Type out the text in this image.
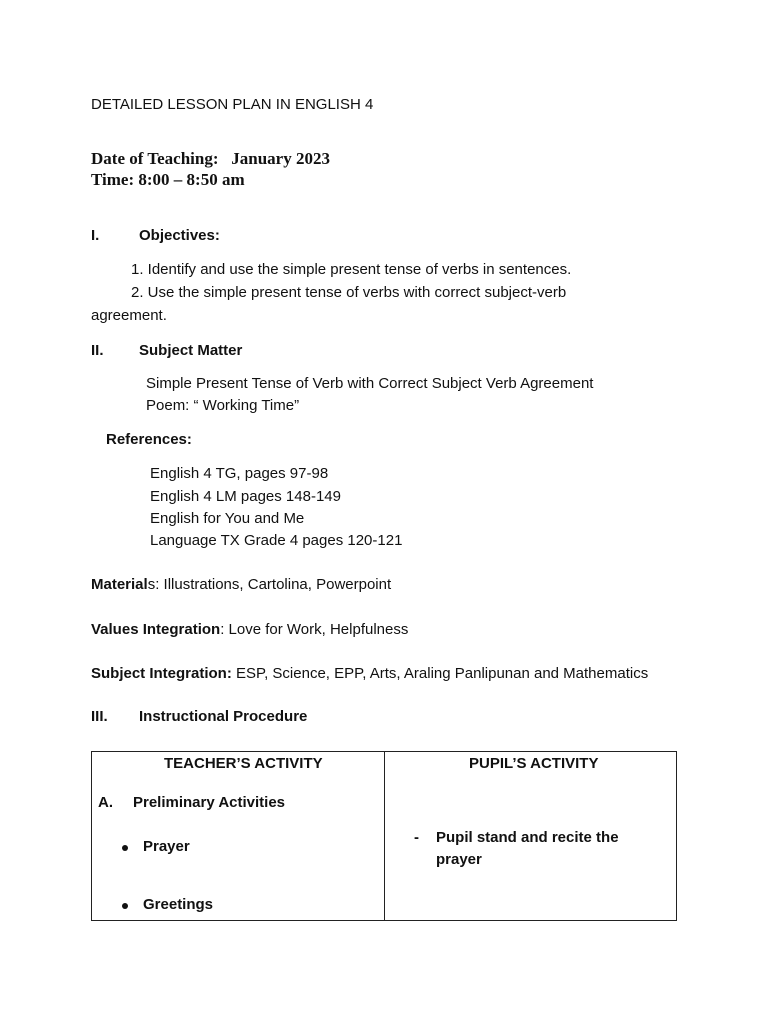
DETAILED LESSON PLAN IN ENGLISH 4
Date of Teaching: January 2023
Time: 8:00 – 8:50 am
I.	Objectives:
1. Identify and use the simple present tense of verbs in sentences.
2. Use the simple present tense of verbs with correct subject-verb
agreement.
II. Subject Matter
Simple Present Tense of Verb with Correct Subject Verb Agreement
Poem: “ Working Time”
References:
English 4 TG, pages 97-98
English 4 LM pages 148-149
English for You and Me
Language TX Grade 4 pages 120-121
Materials: Illustrations, Cartolina, Powerpoint
Values Integration: Love for Work, Helpfulness
Subject Integration: ESP, Science, EPP, Arts, Araling Panlipunan and Mathematics
III. Instructional Procedure
TEACHER’S ACTIVITY
A. Preliminary Activities
Prayer
Greetings
PUPIL’S ACTIVITY
- Pupil stand and recite the
prayer
